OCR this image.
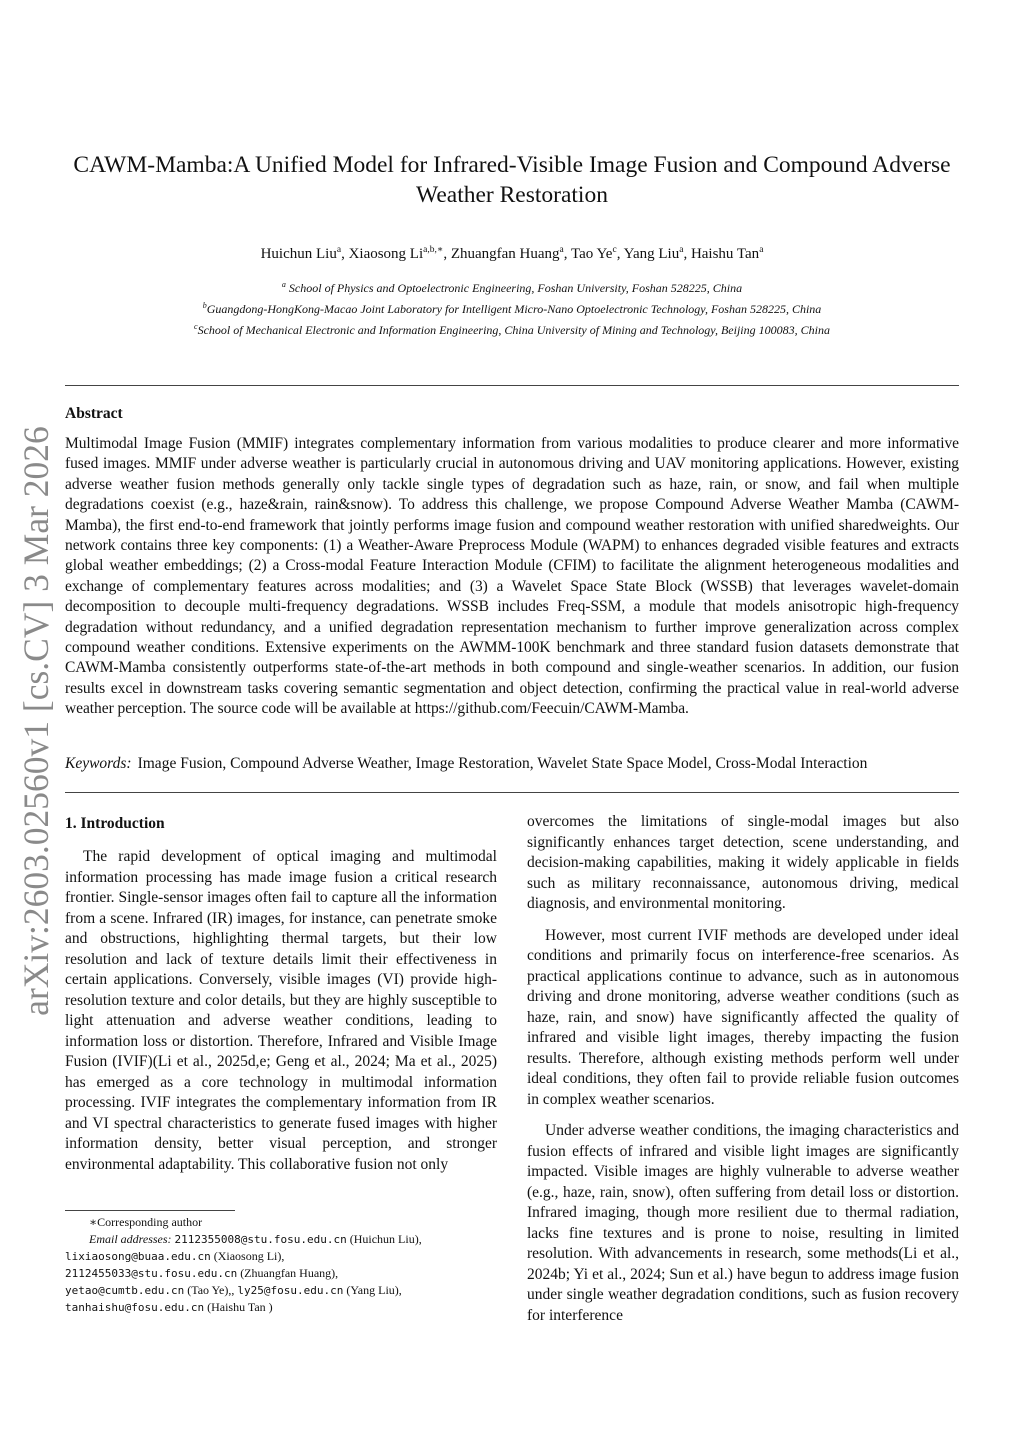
arXiv:2603.02560v1 [cs.CV] 3 Mar 2026
CAWM-Mamba:A Unified Model for Infrared-Visible Image Fusion and Compound Adverse Weather Restoration
Huichun Liu$^a$, Xiaosong $Li^{a,b,∗}$, Zhuangfan Huang$^a$, Tao Ye$^c$, Yang Liu$^a$, Haishu Tan$^a$
$^a$ School of Physics and Optoelectronic Engineering, Foshan University, Foshan 528225, China
$^b$Guangdong-HongKong-Macao Joint Laboratory for Intelligent Micro-Nano Optoelectronic Technology, Foshan 528225, China
$^c$School of Mechanical Electronic and Information Engineering, China University of Mining and Technology, Beijing 100083, China
Abstract

Multimodal Image Fusion (MMIF) integrates complementary information from various modalities to produce clearer and more informative fused images. MMIF under adverse weather is particularly crucial in autonomous driving and UAV monitoring applications. However, existing adverse weather fusion methods generally only tackle single types of degradation such as haze, rain, or snow, and fail when multiple degradations coexist (e.g., haze&rain, rain&snow). To address this challenge, we propose Compound Adverse Weather Mamba (CAWM-Mamba), the first end-to-end framework that jointly performs image fusion and compound weather restoration with unified sharedweights. Our network contains three key components: (1) a Weather-Aware Preprocess Module (WAPM) to enhances degraded visible features and extracts global weather embeddings; (2) a Cross-modal Feature Interaction Module (CFIM) to facilitate the alignment heterogeneous modalities and exchange of complementary features across modalities; and (3) a Wavelet Space State Block (WSSB) that leverages wavelet-domain decomposition to decouple multi-frequency degradations. WSSB includes Freq-SSM, a module that models anisotropic high-frequency degradation without redundancy, and a unified degradation representation mechanism to further improve generalization across complex compound weather conditions. Extensive experiments on the AWMM-100K benchmark and three standard fusion datasets demonstrate that CAWM-Mamba consistently outperforms state-of-the-art methods in both compound and single-weather scenarios. In addition, our fusion results excel in downstream tasks covering semantic segmentation and object detection, confirming the practical value in real-world adverse weather perception. The source code will be available at https://github.com/Feecuin/CAWM-Mamba.

Keywords: Image Fusion, Compound Adverse Weather, Image Restoration, Wavelet State Space Model, Cross-Modal Interaction
1. Introduction

The rapid development of optical imaging and multimodal information processing has made image fusion a critical research frontier. Single-sensor images often fail to capture all the information from a scene. Infrared (IR) images, for instance, can penetrate smoke and obstructions, highlighting thermal targets, but their low resolution and lack of texture details limit their effectiveness in certain applications. Conversely, visible images (VI) provide high-resolution texture and color details, but they are highly susceptible to light attenuation and adverse weather conditions, leading to information loss or distortion. Therefore, Infrared and Visible Image Fusion (IVIF)(Li et al., 2025d,e; Geng et al., 2024; Ma et al., 2025) has emerged as a core technology in multimodal information processing. IVIF integrates the complementary information from IR and VI spectral characteristics to generate fused images with higher information density, better visual perception, and stronger environmental adaptability. This collaborative fusion not only

overcomes the limitations of single-modal images but also significantly enhances target detection, scene understanding, and decision-making capabilities, making it widely applicable in fields such as military reconnaissance, autonomous driving, medical diagnosis, and environmental monitoring.

However, most current IVIF methods are developed under ideal conditions and primarily focus on interference-free scenarios. As practical applications continue to advance, such as in autonomous driving and drone monitoring, adverse weather conditions (such as haze, rain, and snow) have significantly affected the quality of infrared and visible light images, thereby impacting the fusion results. Therefore, although existing methods perform well under ideal conditions, they often fail to provide reliable fusion outcomes in complex weather scenarios.

Under adverse weather conditions, the imaging characteristics and fusion effects of infrared and visible light images are significantly impacted. Visible images are highly vulnerable to adverse weather (e.g., haze, rain, snow), often suffering from detail loss or distortion. Infrared imaging, though more resilient due to thermal radiation, lacks fine textures and is prone to noise, resulting in limited resolution. With advancements in research, some methods(Li et al., 2024b; Yi et al., 2024; Sun et al.) have begun to address image fusion under single weather degradation conditions, such as fusion recovery for interference

∗Corresponding author
Email addresses: 2112355008@stu.fosu.edu.cn (Huichun Liu),
lixiaosong@buaa.edu.cn (Xiaosong Li),
2112455033@stu.fosu.edu.cn (Zhuangfan Huang),
yetao@cumtb.edu.cn (Tao Ye),, ly25@fosu.edu.cn (Yang Liu),
tanhaishu@fosu.edu.cn (Haishu Tan )
